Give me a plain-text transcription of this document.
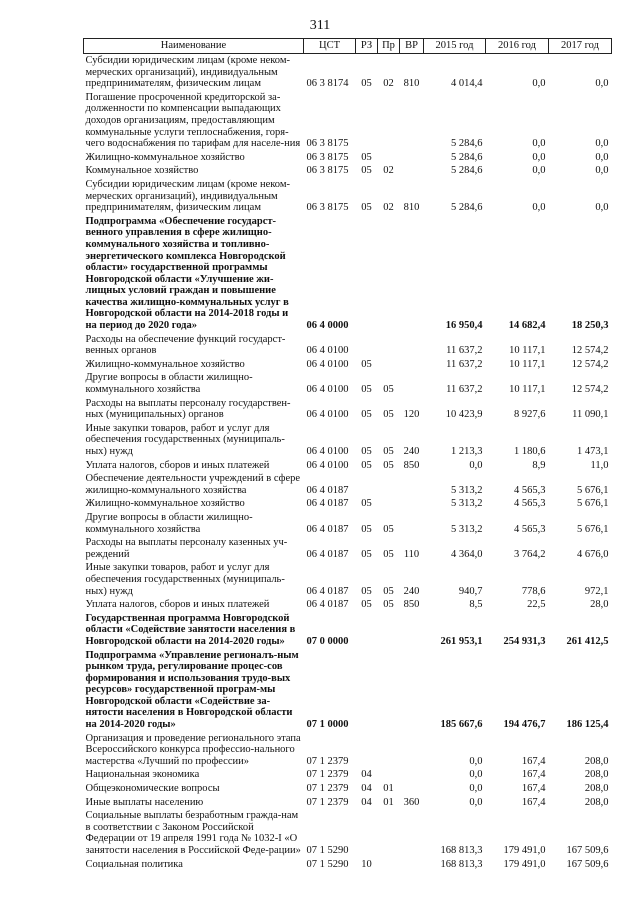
311
Наименование	ЦСТ	РЗ	Пр	ВР	2015 год	2016 год	2017 год
Субсидии юридическим лицам (кроме неком-мерческих организаций), индивидуальным предпринимателям, физическим лицам	06 3 8174	05	02	810	4 014,4	0,0	0,0
Погашение просроченной кредиторской за-долженности по компенсации выпадающих доходов организациям, предоставляющим коммунальные услуги теплоснабжения, горя-чего водоснабжения по тарифам для населе-ния	06 3 8175				5 284,6	0,0	0,0
Жилищно-коммунальное хозяйство	06 3 8175	05			5 284,6	0,0	0,0
Коммунальное хозяйство	06 3 8175	05	02		5 284,6	0,0	0,0
Субсидии юридическим лицам (кроме неком-мерческих организаций), индивидуальным предпринимателям, физическим лицам	06 3 8175	05	02	810	5 284,6	0,0	0,0
Подпрограмма «Обеспечение государст-венного управления в сфере жилищно-коммунального хозяйства и топливно-энергетического комплекса Новгородской области» государственной программы Новгородской области «Улучшение жи-лищных условий граждан и повышение качества жилищно-коммунальных услуг в Новгородской области на 2014-2018 годы и на период до 2020 года»	06 4 0000				16 950,4	14 682,4	18 250,3
Расходы на обеспечение функций государст-венных органов	06 4 0100				11 637,2	10 117,1	12 574,2
Жилищно-коммунальное хозяйство	06 4 0100	05			11 637,2	10 117,1	12 574,2
Другие вопросы в области жилищно-коммунального хозяйства	06 4 0100	05	05		11 637,2	10 117,1	12 574,2
Расходы на выплаты персоналу государствен-ных (муниципальных) органов	06 4 0100	05	05	120	10 423,9	8 927,6	11 090,1
Иные закупки товаров, работ и услуг для обеспечения государственных (муниципаль-ных) нужд	06 4 0100	05	05	240	1 213,3	1 180,6	1 473,1
Уплата налогов, сборов и иных платежей	06 4 0100	05	05	850	0,0	8,9	11,0
Обеспечение деятельности учреждений в сфере жилищно-коммунального хозяйства	06 4 0187				5 313,2	4 565,3	5 676,1
Жилищно-коммунальное хозяйство	06 4 0187	05			5 313,2	4 565,3	5 676,1
Другие вопросы в области жилищно-коммунального хозяйства	06 4 0187	05	05		5 313,2	4 565,3	5 676,1
Расходы на выплаты персоналу казенных уч-реждений	06 4 0187	05	05	110	4 364,0	3 764,2	4 676,0
Иные закупки товаров, работ и услуг для обеспечения государственных (муниципаль-ных) нужд	06 4 0187	05	05	240	940,7	778,6	972,1
Уплата налогов, сборов и иных платежей	06 4 0187	05	05	850	8,5	22,5	28,0
Государственная программа Новгородской области «Содействие занятости населения в Новгородской области на 2014-2020 годы»	07 0 0000				261 953,1	254 931,3	261 412,5
Подпрограмма «Управление регионалъ-ным рынком труда, регулирование процес-сов формирования и использования трудо-вых ресурсов» государственной програм-мы Новгородской области «Содействие за-нятости населения в Новгородской области на 2014-2020 годы»	07 1 0000				185 667,6	194 476,7	186 125,4
Организация и проведение регионального этапа Всероссийского конкурса профессио-нального мастерства «Лучший по профессии»	07 1 2379				0,0	167,4	208,0
Национальная экономика	07 1 2379	04			0,0	167,4	208,0
Общеэкономические вопросы	07 1 2379	04	01		0,0	167,4	208,0
Иные выплаты населению	07 1 2379	04	01	360	0,0	167,4	208,0
Социальные выплаты безработным гражда-нам в соответствии с Законом Российской Федерации от 19 апреля 1991 года № 1032-I «О занятости населения в Российской Феде-рации»	07 1 5290				168 813,3	179 491,0	167 509,6
Социальная политика	07 1 5290	10			168 813,3	179 491,0	167 509,6
